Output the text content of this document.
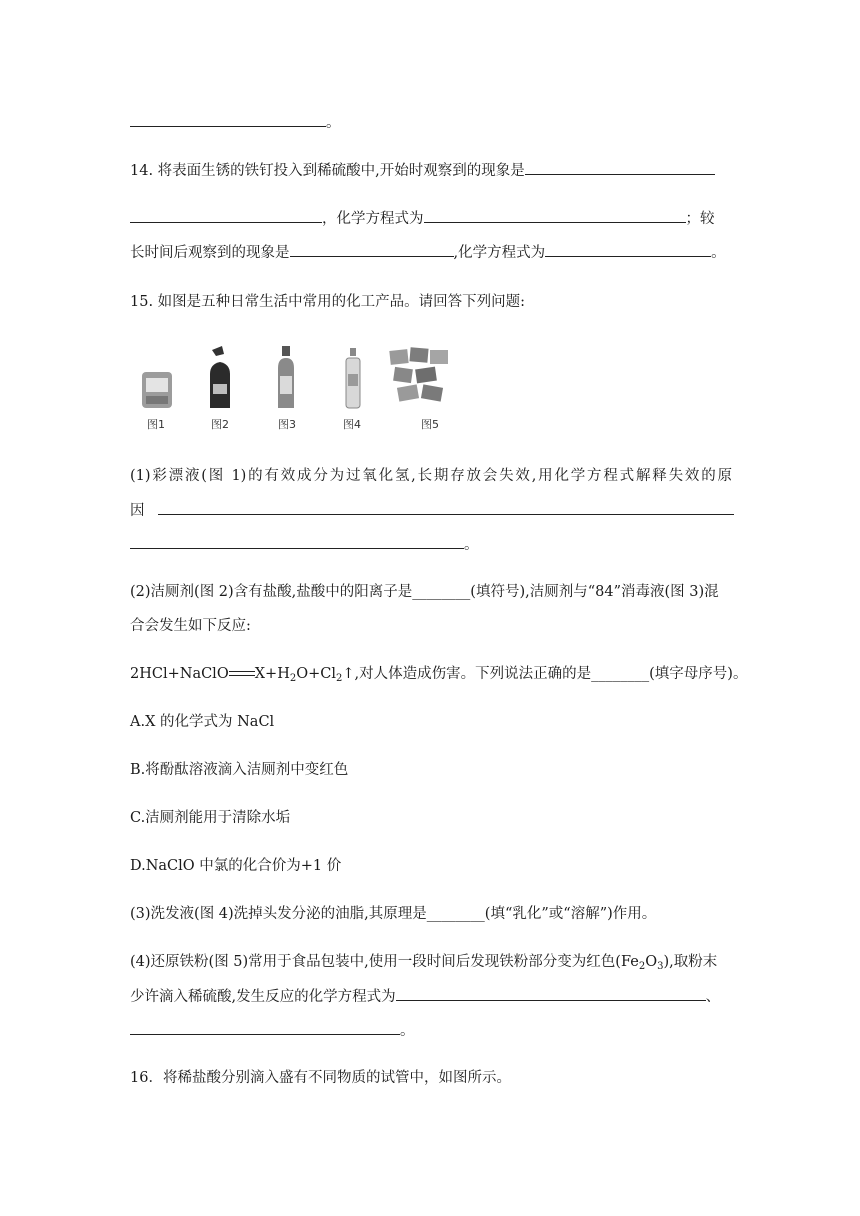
。
14. 将表面生锈的铁钉投入到稀硫酸中,开始时观察到的现象是
，化学方程式为	；较
长时间后观察到的现象是	,化学方程式为	。
15. 如图是五种日常生活中常用的化工产品。请回答下列问题:
图1	图2	图3	图4	图5
(1)彩漂液(图 1)的有效成分为过氧化氢,长期存放会失效,用化学方程式解释失效的原
因
。
(2)洁厕剂(图 2)含有盐酸,盐酸中的阳离子是________(填符号),洁厕剂与“84”消毒液(图 3)混
合会发生如下反应:
2HCl+NaClO $X+H_2O+Cl_2↑$,对人体造成伤害。下列说法正确的是________(填字母序号)。
A.X 的化学式为 NaCl
B.将酚酞溶液滴入洁厕剂中变红色
C.洁厕剂能用于清除水垢
D.NaClO 中氯的化合价为+1 价
(3)洗发液(图 4)洗掉头发分泌的油脂,其原理是________(填“乳化”或“溶解”)作用。
(4)还原铁粉(图 5)常用于食品包装中,使用一段时间后发现铁粉部分变为红色$(Fe_2O_3)$,取粉末
少许滴入稀硫酸,发生反应的化学方程式为	、
。
16．将稀盐酸分别滴入盛有不同物质的试管中，如图所示。
